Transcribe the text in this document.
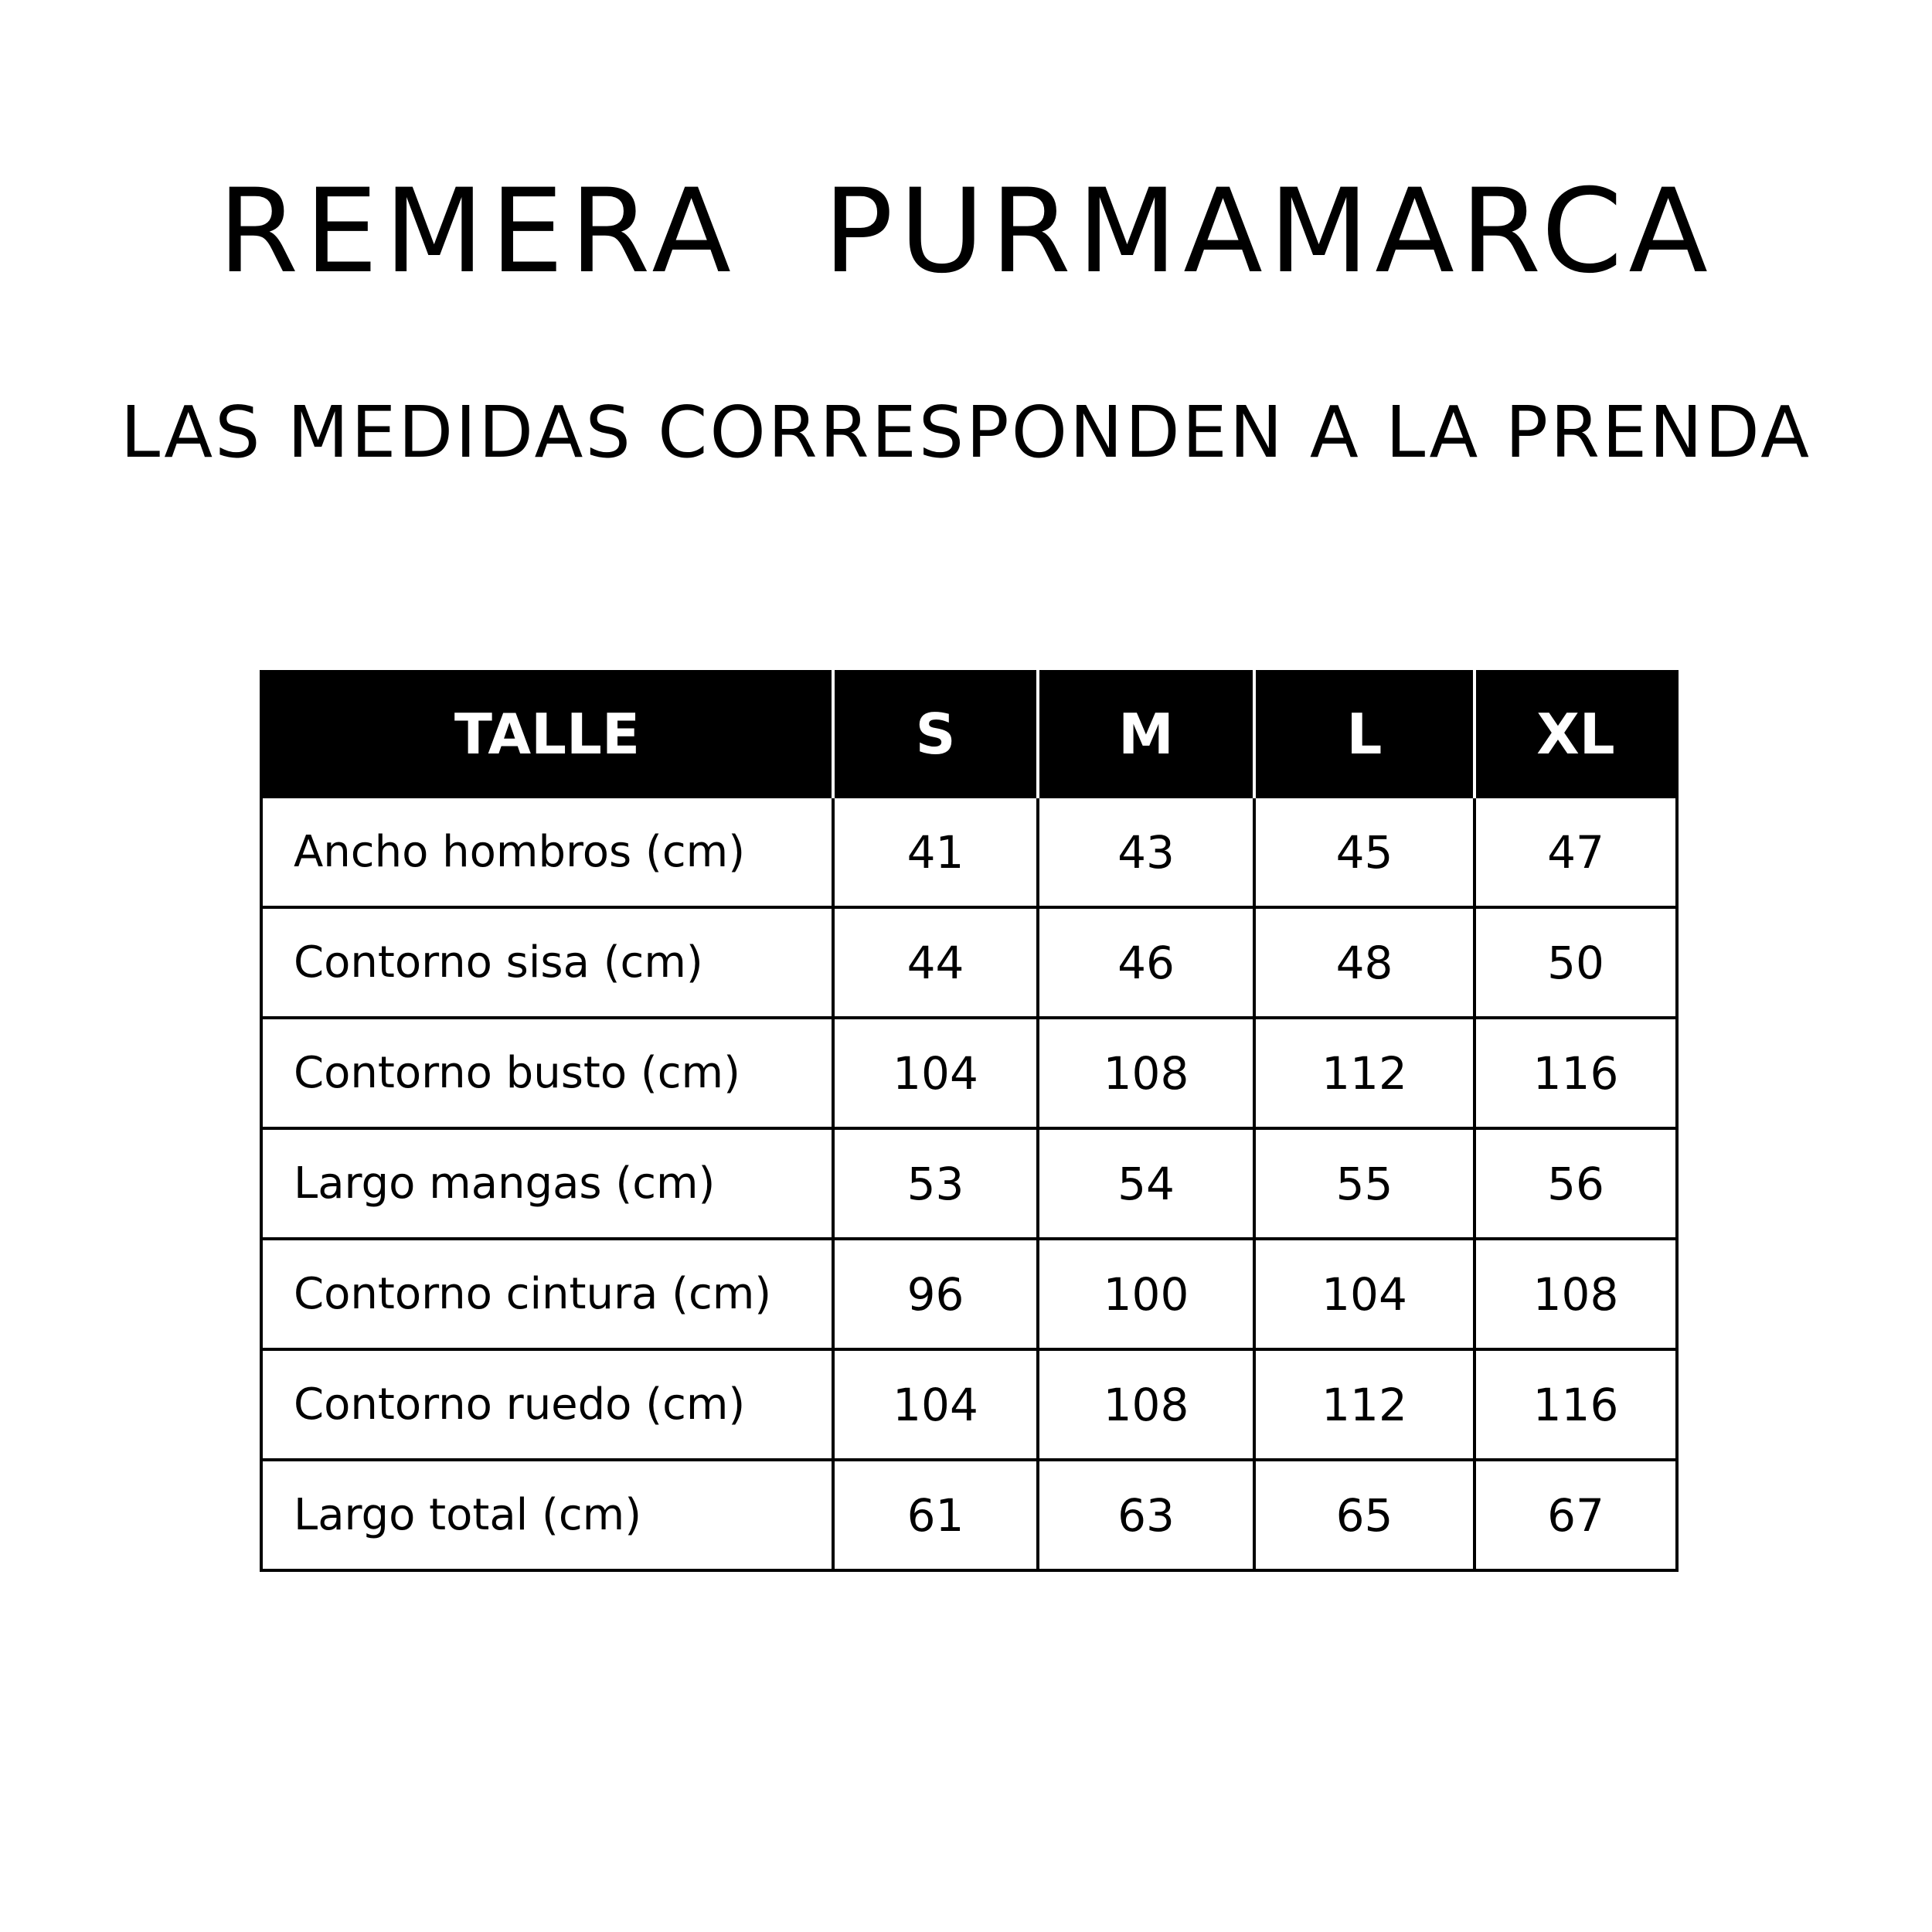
REMERA  PURMAMARCA
LAS MEDIDAS CORRESPONDEN A LA PRENDA
TALLE	S	M	L	XL
Ancho hombros (cm)	41	43	45	47
Contorno sisa (cm)	44	46	48	50
Contorno busto (cm)	104	108	112	116
Largo mangas (cm)	53	54	55	56
Contorno cintura (cm)	96	100	104	108
Contorno ruedo (cm)	104	108	112	116
Largo total (cm)	61	63	65	67
